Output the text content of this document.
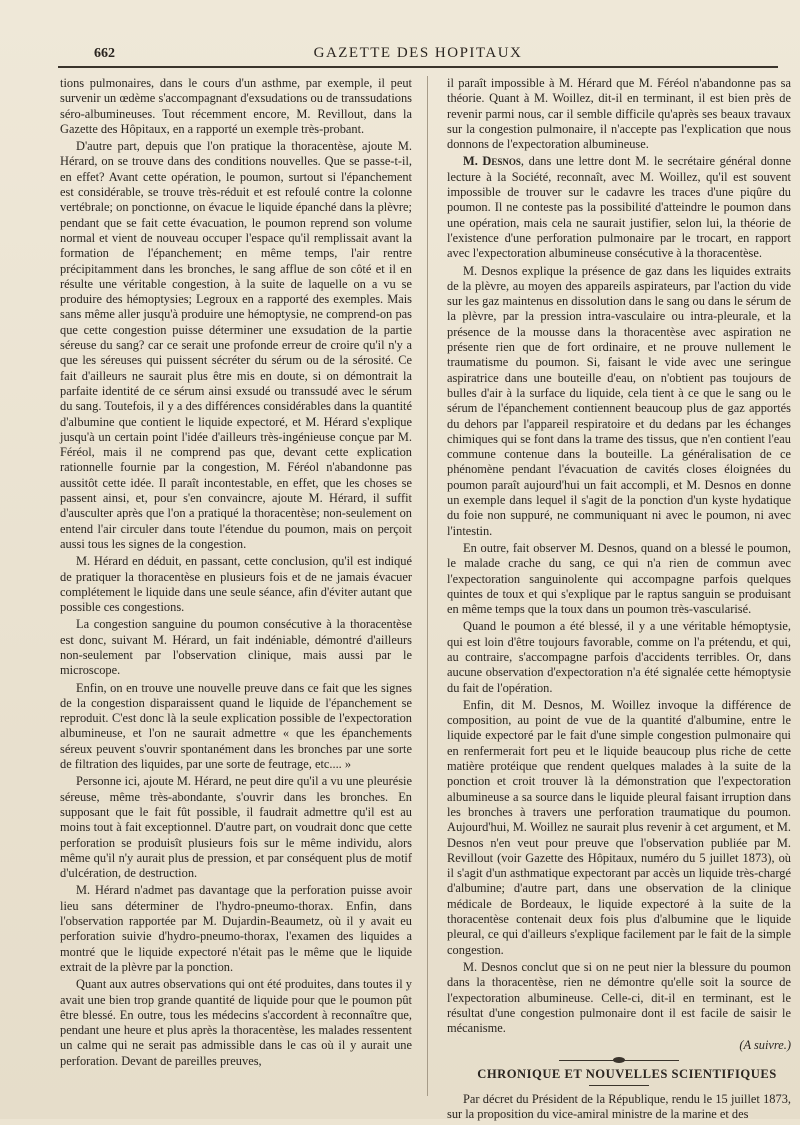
662	GAZETTE DES HOPITAUX

tions pulmonaires, dans le cours d'un asthme, par exemple, il peut survenir un œdème s'accompagnant d'exsudations ou de transsudations séro-albumineuses. Tout récemment encore, M. Revillout, dans la Gazette des Hôpitaux, en a rapporté un exemple très-probant.

D'autre part, depuis que l'on pratique la thoracentèse, ajoute M. Hérard, on se trouve dans des conditions nouvelles. Que se passe-t-il, en effet? Avant cette opération, le poumon, surtout si l'épanchement est considérable, se trouve très-réduit et est refoulé contre la colonne vertébrale; on ponctionne, on évacue le liquide épanché dans la plèvre; pendant que se fait cette évacuation, le poumon reprend son volume normal et vient de nouveau occuper l'espace qu'il remplissait avant la formation de l'épanchement; en même temps, l'air rentre précipitamment dans les bronches, le sang afflue de son côté et il en résulte une véritable congestion, à la suite de laquelle on a vu se produire des hémoptysies; Legroux en a rapporté des exemples. Mais sans même aller jusqu'à produire une hémoptysie, ne comprend-on pas que cette congestion puisse déterminer une exsudation de la partie séreuse du sang? car ce serait une profonde erreur de croire qu'il n'y a que les séreuses qui puissent sécréter du sérum ou de la sérosité. Ce fait d'ailleurs ne saurait plus être mis en doute, si on démontrait la parfaite identité de ce sérum ainsi exsudé ou transsudé avec le sérum du sang. Toutefois, il y a des différences considérables dans la quantité d'albumine que contient le liquide expectoré, et M. Hérard s'explique jusqu'à un certain point l'idée d'ailleurs très-ingénieuse conçue par M. Féréol, mais il ne comprend pas que, devant cette explication rationnelle fournie par la congestion, M. Féréol n'abandonne pas aussitôt cette idée. Il paraît incontestable, en effet, que les choses se passent ainsi, et, pour s'en convaincre, ajoute M. Hérard, il suffit d'ausculter après que l'on a pratiqué la thoracentèse; non-seulement on entend l'air circuler dans toute l'étendue du poumon, mais on perçoit aussi tous les signes de la congestion.

M. Hérard en déduit, en passant, cette conclusion, qu'il est indiqué de pratiquer la thoracentèse en plusieurs fois et de ne jamais évacuer complétement le liquide dans une seule séance, afin d'éviter autant que possible ces congestions.

La congestion sanguine du poumon consécutive à la thoracentèse est donc, suivant M. Hérard, un fait indéniable, démontré d'ailleurs non-seulement par l'observation clinique, mais aussi par le microscope.

Enfin, on en trouve une nouvelle preuve dans ce fait que les signes de la congestion disparaissent quand le liquide de l'épanchement se reproduit. C'est donc là la seule explication possible de l'expectoration albumineuse, et l'on ne saurait admettre « que les épanchements séreux peuvent s'ouvrir spontanément dans les bronches par une sorte de filtration des liquides, par une sorte de feutrage, etc.... »

Personne ici, ajoute M. Hérard, ne peut dire qu'il a vu une pleurésie séreuse, même très-abondante, s'ouvrir dans les bronches. En supposant que le fait fût possible, il faudrait admettre qu'il est au moins tout à fait exceptionnel. D'autre part, on voudrait donc que cette perforation se produisît plusieurs fois sur le même individu, alors même qu'il n'y aurait plus de pression, et par conséquent plus de motif d'ulcération, de destruction.

M. Hérard n'admet pas davantage que la perforation puisse avoir lieu sans déterminer de l'hydro-pneumo-thorax. Enfin, dans l'observation rapportée par M. Dujardin-Beaumetz, où il y avait eu perforation suivie d'hydro-pneumo-thorax, l'examen des liquides a montré que le liquide expectoré n'était pas le même que le liquide extrait de la plèvre par la ponction.

Quant aux autres observations qui ont été produites, dans toutes il y avait une bien trop grande quantité de liquide pour que le poumon pût être blessé. En outre, tous les médecins s'accordent à reconnaître que, pendant une heure et plus après la thoracentèse, les malades ressentent un calme qui ne serait pas admissible dans le cas où il y aurait une perforation. Devant de pareilles preuves,

il paraît impossible à M. Hérard que M. Féréol n'abandonne pas sa théorie. Quant à M. Woillez, dit-il en terminant, il est bien près de revenir parmi nous, car il semble difficile qu'après ses beaux travaux sur la congestion pulmonaire, il n'accepte pas l'explication que nous donnons de l'expectoration albumineuse.

M. Desnos, dans une lettre dont M. le secrétaire général donne lecture à la Société, reconnaît, avec M. Woillez, qu'il est souvent impossible de trouver sur le cadavre les traces d'une piqûre du poumon. Il ne conteste pas la possibilité d'atteindre le poumon dans une opération, mais cela ne saurait justifier, selon lui, la théorie de l'existence d'une perforation pulmonaire par le trocart, en rapport avec l'expectoration albumineuse consécutive à la thoracentèse.

M. Desnos explique la présence de gaz dans les liquides extraits de la plèvre, au moyen des appareils aspirateurs, par l'action du vide sur les gaz maintenus en dissolution dans le sang ou dans le sérum de la plèvre, par la pression intra-vasculaire ou intra-pleurale, et la présence de la mousse dans la thoracentèse avec aspiration ne présente rien que de fort ordinaire, et ne prouve nullement le traumatisme du poumon. Si, faisant le vide avec une seringue aspiratrice dans une bouteille d'eau, on n'obtient pas toujours de bulles d'air à la surface du liquide, cela tient à ce que le sang ou le sérum de l'épanchement contiennent beaucoup plus de gaz apportés du dehors par l'appareil respiratoire et du dedans par les échanges chimiques qui se font dans la trame des tissus, que n'en contient l'eau commune contenue dans la bouteille. La généralisation de ce phénomène pendant l'évacuation de cavités closes éloignées du poumon paraît aujourd'hui un fait accompli, et M. Desnos en donne un exemple dans lequel il s'agit de la ponction d'un kyste hydatique du foie non suppuré, ne communiquant ni avec le poumon, ni avec l'intestin.

En outre, fait observer M. Desnos, quand on a blessé le poumon, le malade crache du sang, ce qui n'a rien de commun avec l'expectoration sanguinolente qui accompagne parfois quelques quintes de toux et qui s'explique par le raptus sanguin se produisant en même temps que la toux dans un poumon très-vascularisé.

Quand le poumon a été blessé, il y a une véritable hémoptysie, qui est loin d'être toujours favorable, comme on l'a prétendu, et qui, au contraire, s'accompagne parfois d'accidents terribles. Or, dans aucune observation d'expectoration n'a été signalée cette hémoptysie du fait de l'opération.

Enfin, dit M. Desnos, M. Woillez invoque la différence de composition, au point de vue de la quantité d'albumine, entre le liquide expectoré par le fait d'une simple congestion pulmonaire qui en renfermerait fort peu et le liquide beaucoup plus riche de cette matière protéique que rendent quelques malades à la suite de la ponction et croit trouver là la démonstration que l'expectoration albumineuse a sa source dans le liquide pleural faisant irruption dans les bronches à travers une perforation traumatique du poumon. Aujourd'hui, M. Woillez ne saurait plus revenir à cet argument, et M. Desnos n'en veut pour preuve que l'observation publiée par M. Revillout (voir Gazette des Hôpitaux, numéro du 5 juillet 1873), où il s'agit d'un asthmatique expectorant par accès un liquide très-chargé d'albumine; d'autre part, dans une observation de la clinique médicale de Bordeaux, le liquide expectoré à la suite de la thoracentèse contenait deux fois plus d'albumine que le liquide pleural, ce qui d'ailleurs s'explique facilement par le fait de la simple congestion.

M. Desnos conclut que si on ne peut nier la blessure du poumon dans la thoracentèse, rien ne démontre qu'elle soit la source de l'expectoration albumineuse. Celle-ci, dit-il en terminant, est le résultat d'une congestion pulmonaire dont il est facile de saisir le mécanisme.

(A suivre.)

CHRONIQUE ET NOUVELLES SCIENTIFIQUES

Par décret du Président de la République, rendu le 15 juillet 1873, sur la proposition du vice-amiral ministre de la marine et des
